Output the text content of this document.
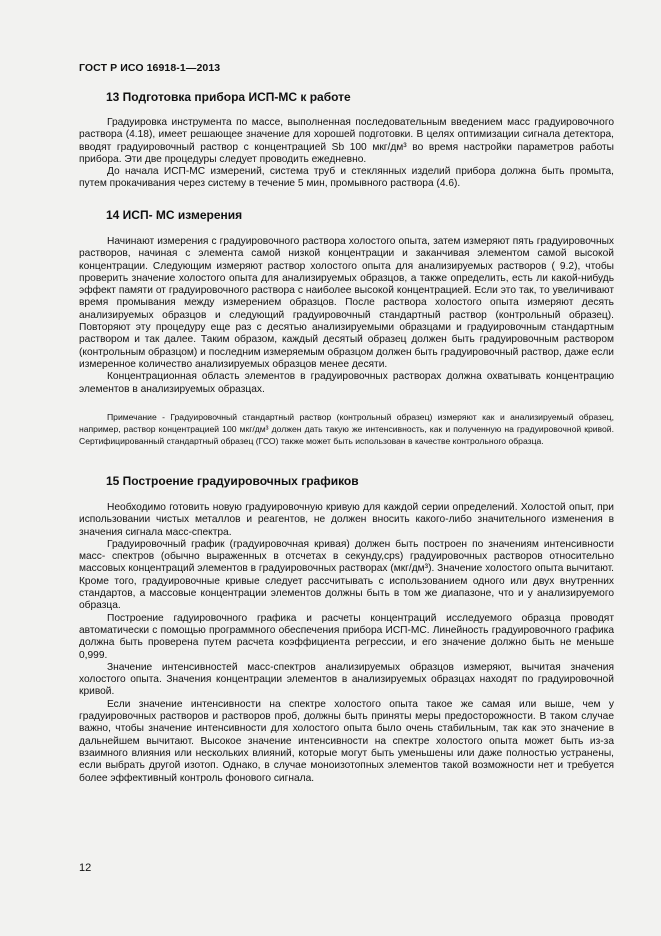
ГОСТ Р ИСО 16918-1—2013
13 Подготовка прибора ИСП-МС к работе

Градуировка инструмента по массе, выполненная последовательным введением масс градуировочного раствора (4.18), имеет решающее значение для хорошей подготовки. В целях оптимизации сигнала детектора, вводят градуировочный раствор с концентрацией Sb 100 мкг/дм³ во время настройки параметров работы прибора. Эти две процедуры следует проводить ежедневно.

До начала ИСП-МС измерений, система труб и стеклянных изделий прибора должна быть промыта, путем прокачивания через систему в течение 5 мин, промывного раствора (4.6).

14 ИСП- МС измерения

Начинают измерения с градуировочного раствора холостого опыта, затем измеряют пять градуировочных растворов, начиная с элемента самой низкой концентрации и заканчивая элементом самой высокой концентрации. Следующим измеряют раствор холостого опыта для анализируемых растворов ( 9.2), чтобы проверить значение холостого опыта для анализируемых образцов, а также определить, есть ли какой-нибудь эффект памяти от градуировочного раствора с наиболее высокой концентрацией. Если это так, то увеличивают время промывания между измерением образцов. После раствора холостого опыта измеряют десять анализируемых образцов и следующий градуировочный стандартный раствор (контрольный образец). Повторяют эту процедуру еще раз с десятью анализируемыми образцами и градуировочным стандартным раствором и так далее. Таким образом, каждый десятый образец должен быть градуировочным раствором (контрольным образцом) и последним измеряемым образцом должен быть градуировочный раствор, даже если измеренное количество анализируемых образцов менее десяти.

Концентрационная область элементов в градуировочных растворах должна охватывать концентрацию элементов в анализируемых образцах.

Примечание - Градуировочный стандартный раствор (контрольный образец) измеряют как и анализируемый образец, например, раствор концентрацией 100 мкг/дм³ должен дать такую же интенсивность, как и полученную на градуировочной кривой. Сертифицированный стандартный образец (ГСО) также может быть использован в качестве контрольного образца.

15 Построение градуировочных графиков

Необходимо готовить новую градуировочную кривую для каждой серии определений. Холостой опыт, при использовании чистых металлов и реагентов, не должен вносить какого-либо значительного изменения в значения сигнала масс-спектра.

Градуировочный график (градуировочная кривая) должен быть построен по значениям интенсивности масс- спектров (обычно выраженных в отсчетах в секунду,cps) градуировочных растворов относительно массовых концентраций элементов в градуировочных растворах (мкг/дм³). Значение холостого опыта вычитают. Кроме того, градуировочные кривые следует рассчитывать с использованием одного или двух внутренних стандартов, а массовые концентрации элементов должны быть в том же диапазоне, что и у анализируемого образца.

Построение гадуировочного графика и расчеты концентраций исследуемого образца проводят автоматически с помощью программного обеспечения прибора ИСП-МС. Линейность градуировочного графика должна быть проверена путем расчета коэффициента регрессии, и его значение должно быть не меньше 0,999.

Значение интенсивностей масс-спектров анализируемых образцов измеряют, вычитая значения холостого опыта. Значения концентрации элементов в анализируемых образцах находят по градуировочной кривой.

Если значение интенсивности на спектре холостого опыта такое же самая или выше, чем у градуировочных растворов и растворов проб, должны быть приняты меры предосторожности. В таком случае важно, чтобы значение интенсивности для холостого опыта было очень стабильным, так как это значение в дальнейшем вычитают. Высокое значение интенсивности на спектре холостого опыта может быть из-за взаимного влияния или нескольких влияний, которые могут быть уменьшены или даже полностью устранены, если выбрать другой изотоп. Однако, в случае моноизотопных элементов такой возможности нет и требуется более эффективный контроль фонового сигнала.

12
